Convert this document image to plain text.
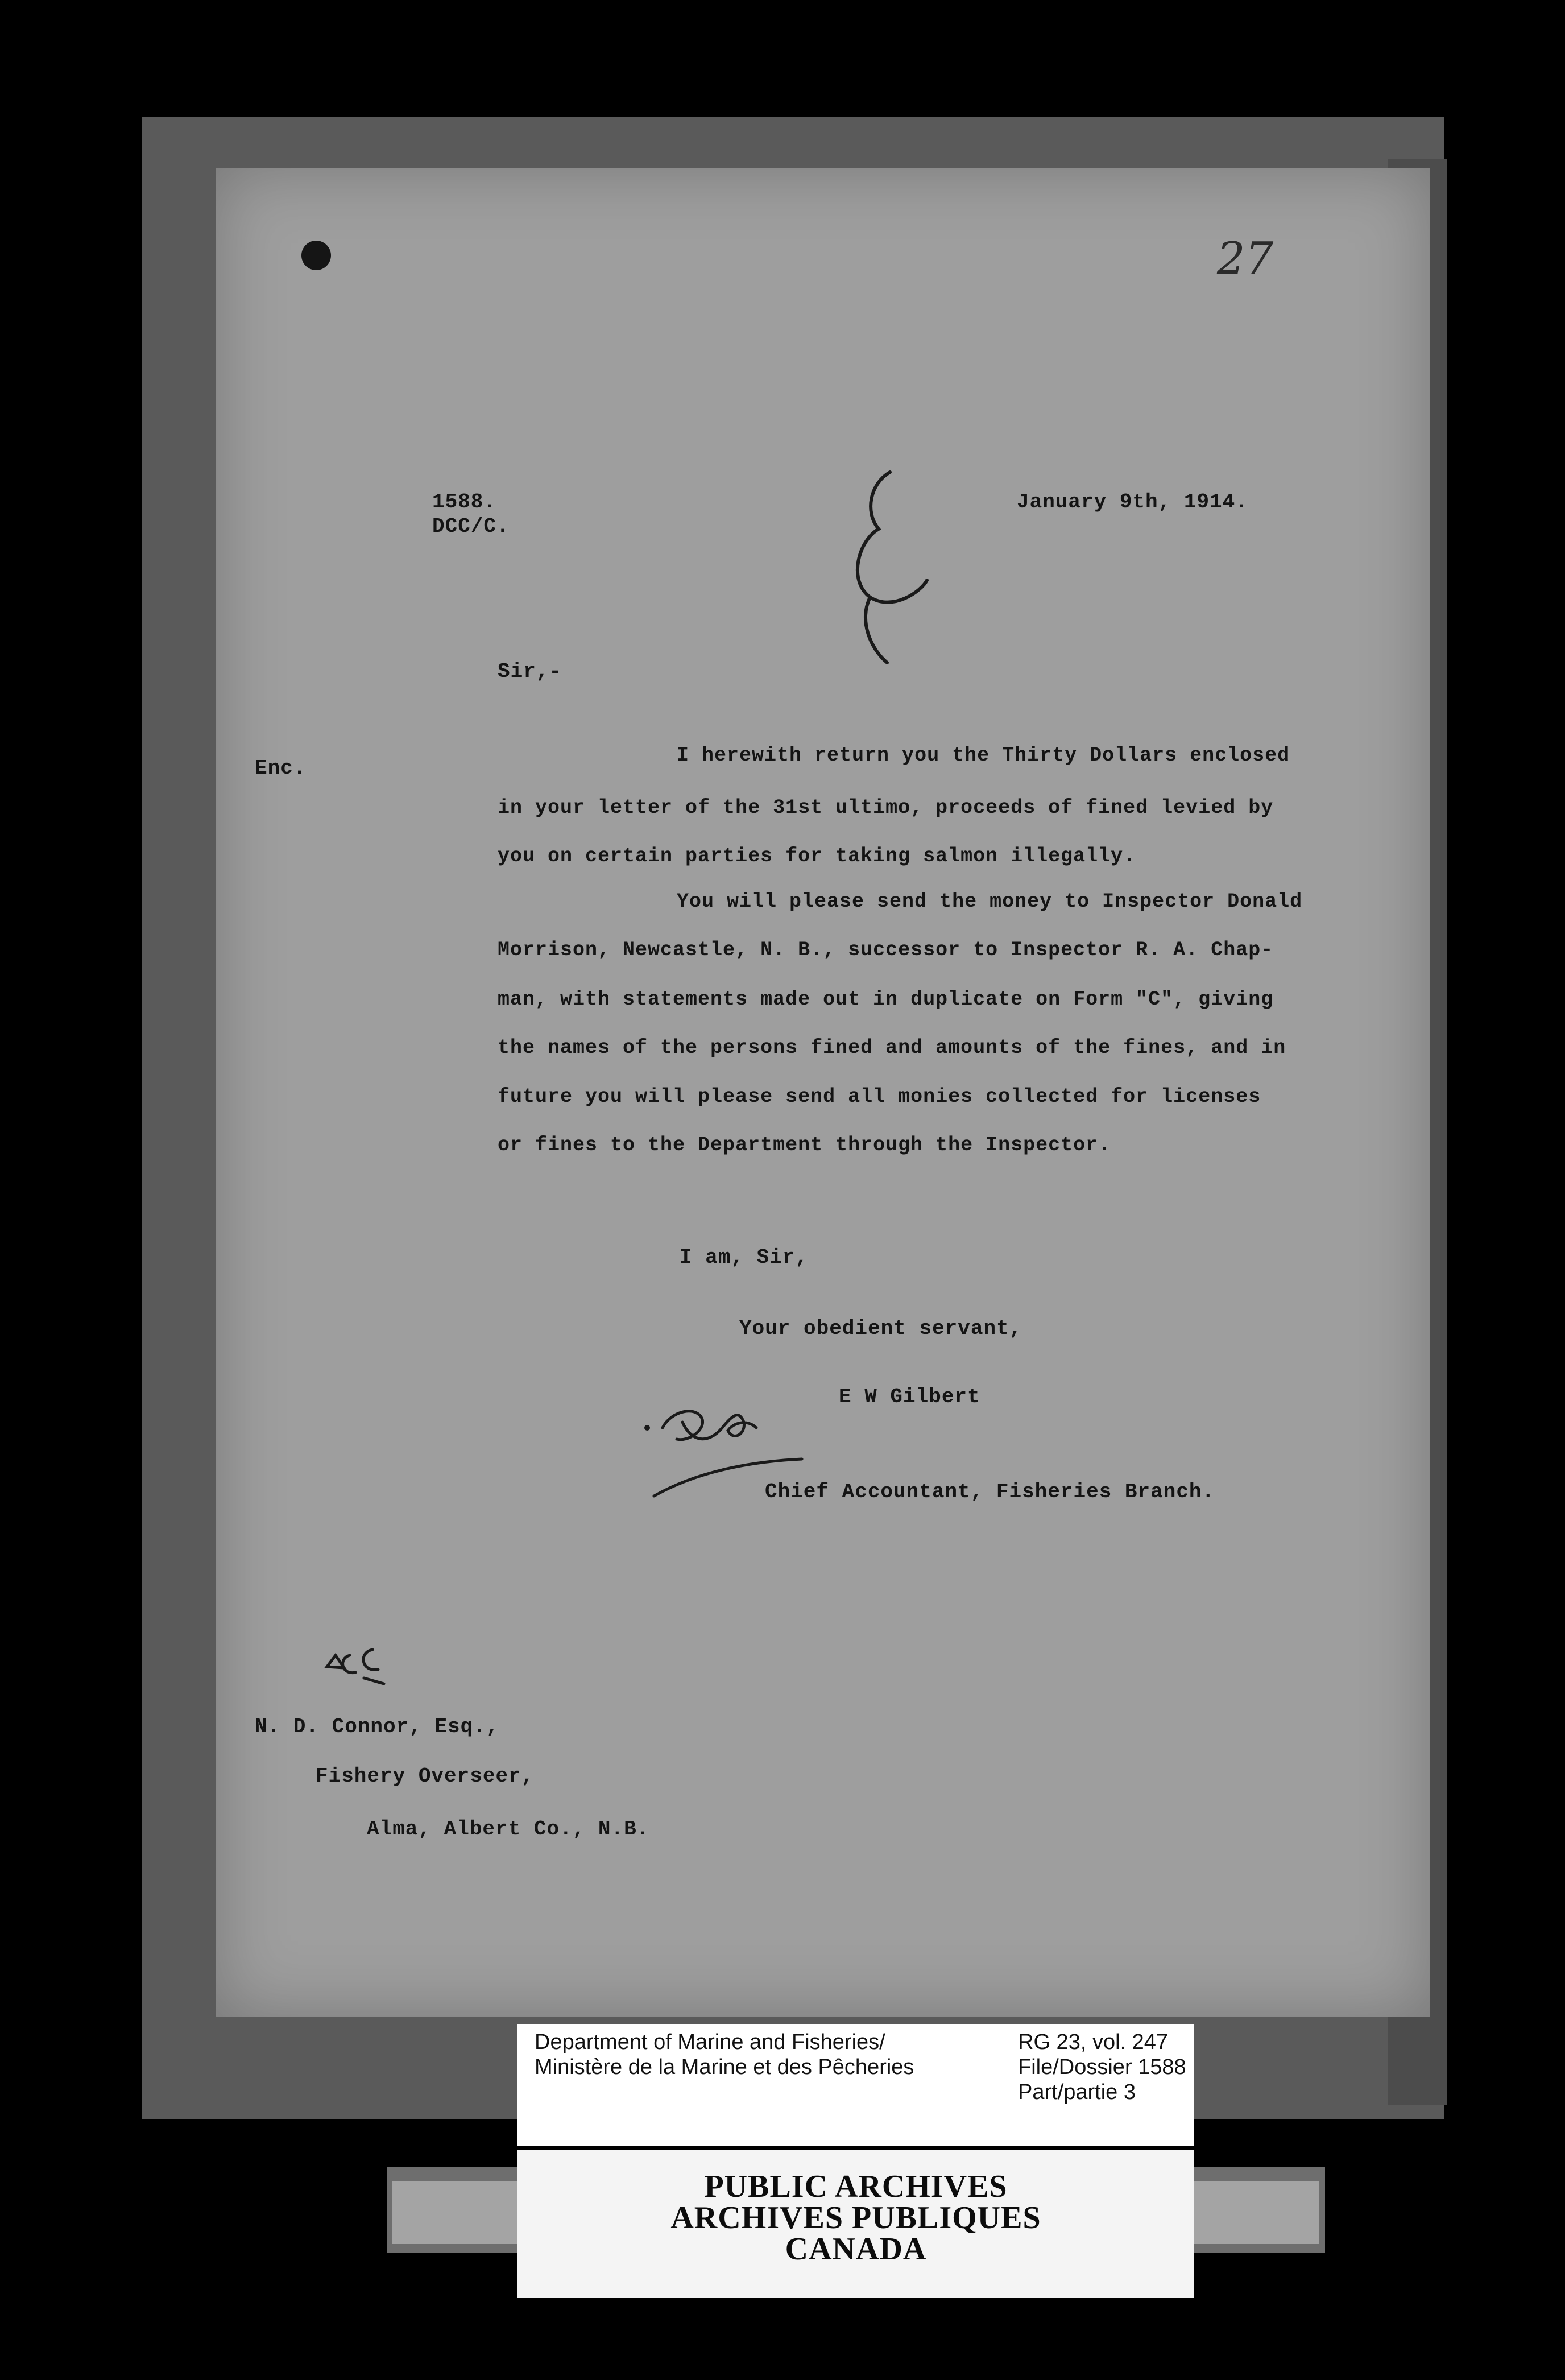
27
1588.
DCC/C.
January 9th, 1914.
Sir,-
Enc.
I herewith return you the Thirty Dollars enclosed
in your letter of the 31st ultimo, proceeds of fined levied by
you on certain parties for taking salmon illegally.
You will please send the money to Inspector Donald
Morrison, Newcastle, N. B., successor to Inspector R. A. Chap-
man, with statements made out in duplicate on Form "C", giving
the names of the persons fined and amounts of the fines, and in
future you will please send all monies collected for licenses
or fines to the Department through the Inspector.
I am, Sir,
Your obedient servant,
E W Gilbert
Chief Accountant, Fisheries Branch.
N. D. Connor, Esq.,
Fishery Overseer,
Alma, Albert Co., N.B.
Department of Marine and Fisheries/
Ministère de la Marine et des Pêcheries
RG 23, vol. 247
File/Dossier 1588
Part/partie 3
PUBLIC ARCHIVES
ARCHIVES PUBLIQUES
CANADA
